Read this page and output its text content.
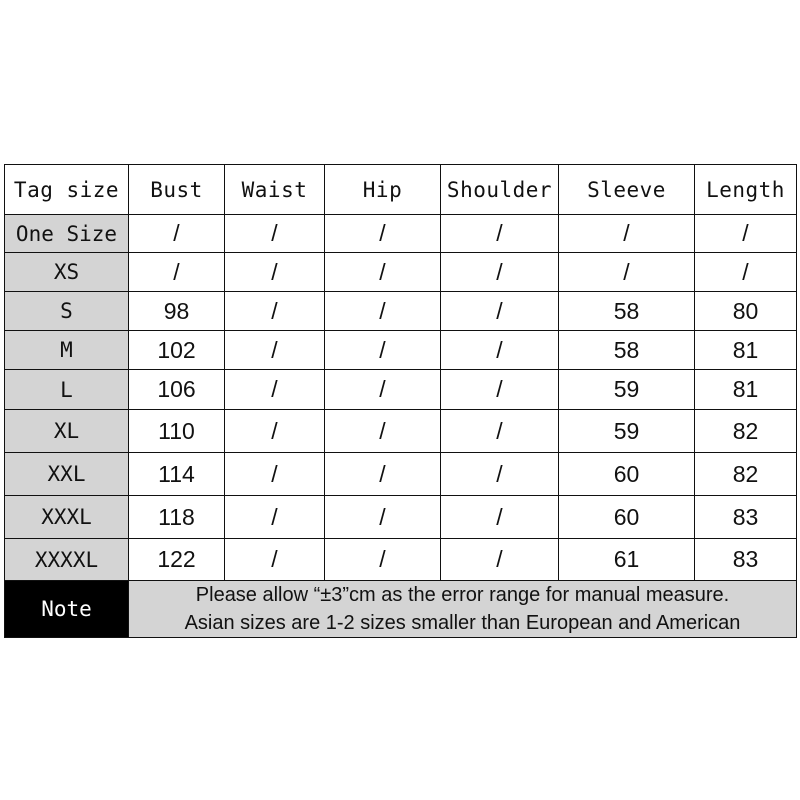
Tag size	Bust	Waist	Hip	Shoulder	Sleeve	Length
One Size	/	/	/	/	/	/
XS	/	/	/	/	/	/
S	98	/	/	/	58	80
M	102	/	/	/	58	81
L	106	/	/	/	59	81
XL	110	/	/	/	59	82
XXL	114	/	/	/	60	82
XXXL	118	/	/	/	60	83
XXXXL	122	/	/	/	61	83
Note	Please allow “±3”cm as the error range for manual measure.
Asian sizes are 1-2 sizes smaller than European and American					
